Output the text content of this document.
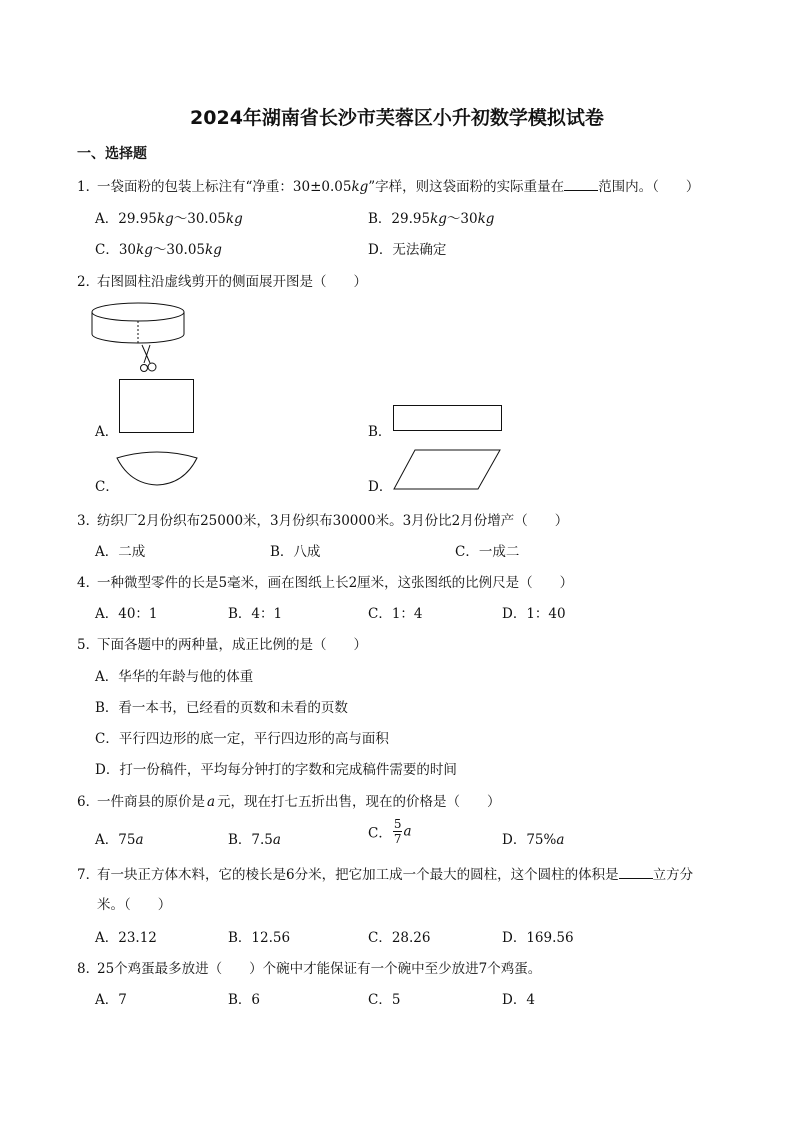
2024年湖南省长沙市芙蓉区小升初数学模拟试卷
一、选择题
1．一袋面粉的包装上标注有“净重：30±0.05kg”字样，则这袋面粉的实际重量在	范围内。（　　）
A．29.95kg～30.05kg	B．29.95kg～30kg
C．30kg～30.05kg	D．无法确定
2．右图圆柱沿虚线剪开的侧面展开图是（　　）
A．	B．
C．	D．
3．纺织厂2月份织布25000米，3月份织布30000米。3月份比2月份增产（　　）
A．二成	B．八成	C．一成二
4．一种微型零件的长是5毫米，画在图纸上长2厘米，这张图纸的比例尺是（　　）
A．40：1	B．4：1	C．1：4	D．1：40
5．下面各题中的两种量，成正比例的是（　　）
A．华华的年龄与他的体重
B．看一本书，已经看的页数和未看的页数
C．平行四边形的底一定，平行四边形的高与面积
D．打一份稿件，平均每分钟打的字数和完成稿件需要的时间
6．一件商县的原价是 a 元，现在打七五折出售，现在的价格是（　　）
A．75a	B．7.5a	C． $\frac{5}{7}$ a
D．75%a
7．有一块正方体木料，它的棱长是6分米，把它加工成一个最大的圆柱，这个圆柱的体积是	立方分
米。（　　）
A．23.12	B．12.56	C．28.26	D．169.56
8．25个鸡蛋最多放进（　　）个碗中才能保证有一个碗中至少放进7个鸡蛋。
A．7	B．6	C．5	D．4
